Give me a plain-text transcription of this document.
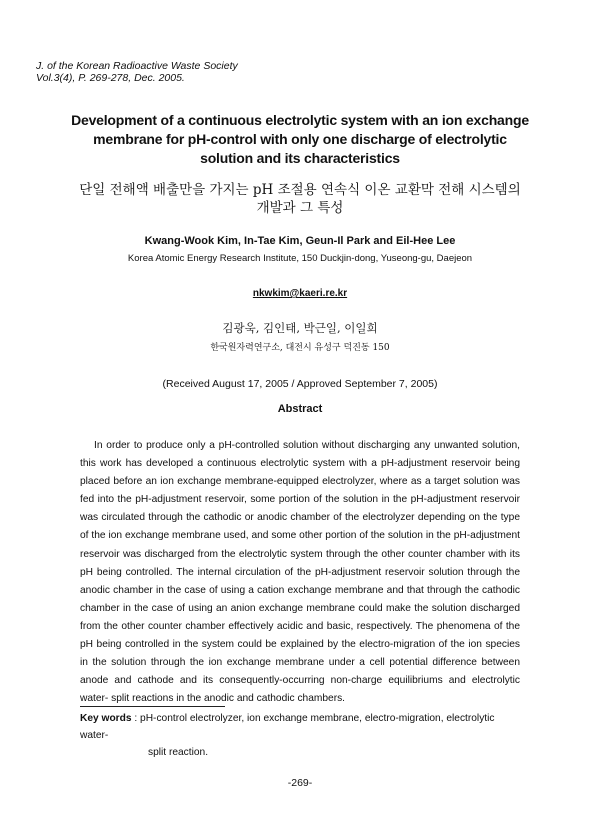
J. of the Korean Radioactive Waste Society
Vol.3(4), P. 269-278, Dec. 2005.
Development of a continuous electrolytic system with an ion exchange
membrane for pH-control with only one discharge of electrolytic
solution and its characteristics
단일 전해액 배출만을 가지는 pH 조절용 연속식 이온 교환막 전해 시스템의
개발과 그 특성
Kwang-Wook Kim, In-Tae Kim, Geun-Il Park and Eil-Hee Lee
Korea Atomic Energy Research Institute, 150 Duckjin-dong, Yuseong-gu, Daejeon
nkwkim@kaeri.re.kr
김광욱, 김인태, 박근일, 이일희
한국원자력연구소, 대전시 유성구 덕진동 150
(Received August 17, 2005 / Approved September 7, 2005)
Abstract

In order to produce only a pH-controlled solution without discharging any unwanted solution, this work has developed a continuous electrolytic system with a pH-adjustment reservoir being placed before an ion exchange membrane-equipped electrolyzer, where as a target solution was fed into the pH-adjustment reservoir, some portion of the solution in the pH-adjustment reservoir was circulated through the cathodic or anodic chamber of the electrolyzer depending on the type of the ion exchange membrane used, and some other portion of the solution in the pH-adjustment reservoir was discharged from the electrolytic system through the other counter chamber with its pH being controlled. The internal circulation of the pH-adjustment reservoir solution through the anodic chamber in the case of using a cation exchange membrane and that through the cathodic chamber in the case of using an anion exchange membrane could make the solution discharged from the other counter chamber effectively acidic and basic, respectively. The phenomena of the pH being controlled in the system could be explained by the electro-migration of the ion species in the solution through the ion exchange membrane under a cell potential difference between anode and cathode and its consequently-occurring non-charge equilibriums and electrolytic water- split reactions in the anodic and cathodic chambers.

Key words : pH-control electrolyzer, ion exchange membrane, electro-migration, electrolytic water-
split reaction.
-269-
